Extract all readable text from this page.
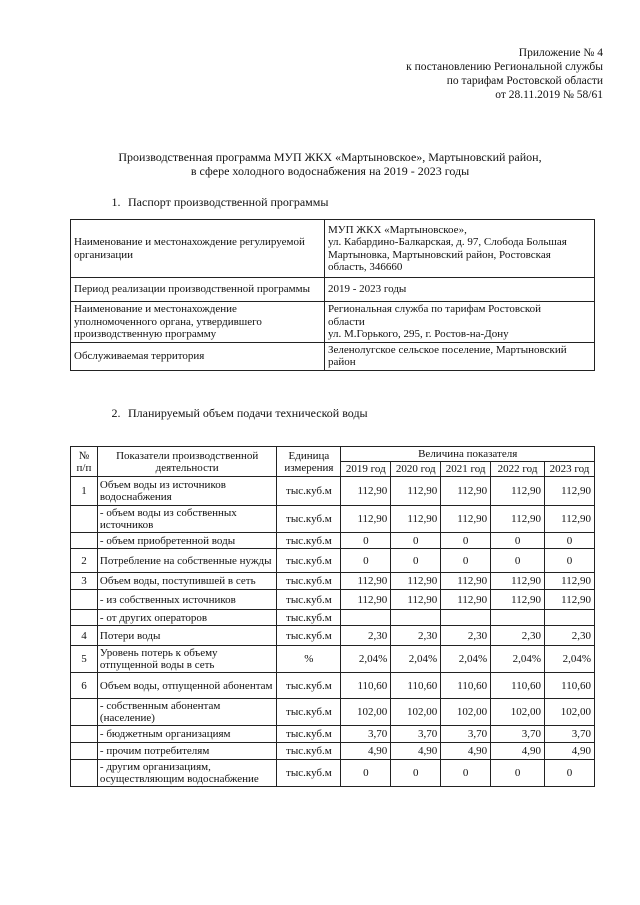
Приложение № 4
к постановлению Региональной службы
по тарифам Ростовской области
от 28.11.2019 № 58/61
Производственная программа МУП ЖКХ «Мартыновское», Мартыновский район,
в сфере холодного водоснабжения на 2019 - 2023 годы
1. Паспорт производственной программы
Наименование и местонахождение регулируемой организации	МУП ЖКХ «Мартыновское»,
ул. Кабардино-Балкарская, д. 97, Слобода Большая
Мартыновка, Мартыновский район, Ростовская
область, 346660

Период реализации производственной программы	2019 - 2023 годы

Наименование и местонахождение уполномоченного органа, утвердившего производственную программу	Региональная служба по тарифам Ростовской
области
ул. М.Горького, 295, г. Ростов-на-Дону

Обслуживаемая территория	Зеленолугское сельское поселение, Мартыновский
район
2. Планируемый объем подачи технической воды
№ п/п	Показатели производственной деятельности	Единица измерения	Величина показателя				
			2019 год	2020 год	2021 год	2022 год	2023 год
1	Объем воды из источников водоснабжения	тыс.куб.м	112,90	112,90	112,90	112,90	112,90
	- объем воды из собственных источников	тыс.куб.м	112,90	112,90	112,90	112,90	112,90
	- объем приобретенной воды	тыс.куб.м	0	0	0	0	0
2	Потребление на собственные нужды	тыс.куб.м	0	0	0	0	0
3	Объем воды, поступившей в сеть	тыс.куб.м	112,90	112,90	112,90	112,90	112,90
	- из собственных источников	тыс.куб.м	112,90	112,90	112,90	112,90	112,90
	- от других операторов	тыс.куб.м					
4	Потери воды	тыс.куб.м	2,30	2,30	2,30	2,30	2,30
5	Уровень потерь к объему отпущенной воды в сеть	%	2,04%	2,04%	2,04%	2,04%	2,04%
6	Объем воды, отпущенной абонентам	тыс.куб.м	110,60	110,60	110,60	110,60	110,60
	- собственным абонентам (население)	тыс.куб.м	102,00	102,00	102,00	102,00	102,00
	- бюджетным организациям	тыс.куб.м	3,70	3,70	3,70	3,70	3,70
	- прочим потребителям	тыс.куб.м	4,90	4,90	4,90	4,90	4,90
	- другим организациям, осуществляющим водоснабжение	тыс.куб.м	0	0	0	0	0
